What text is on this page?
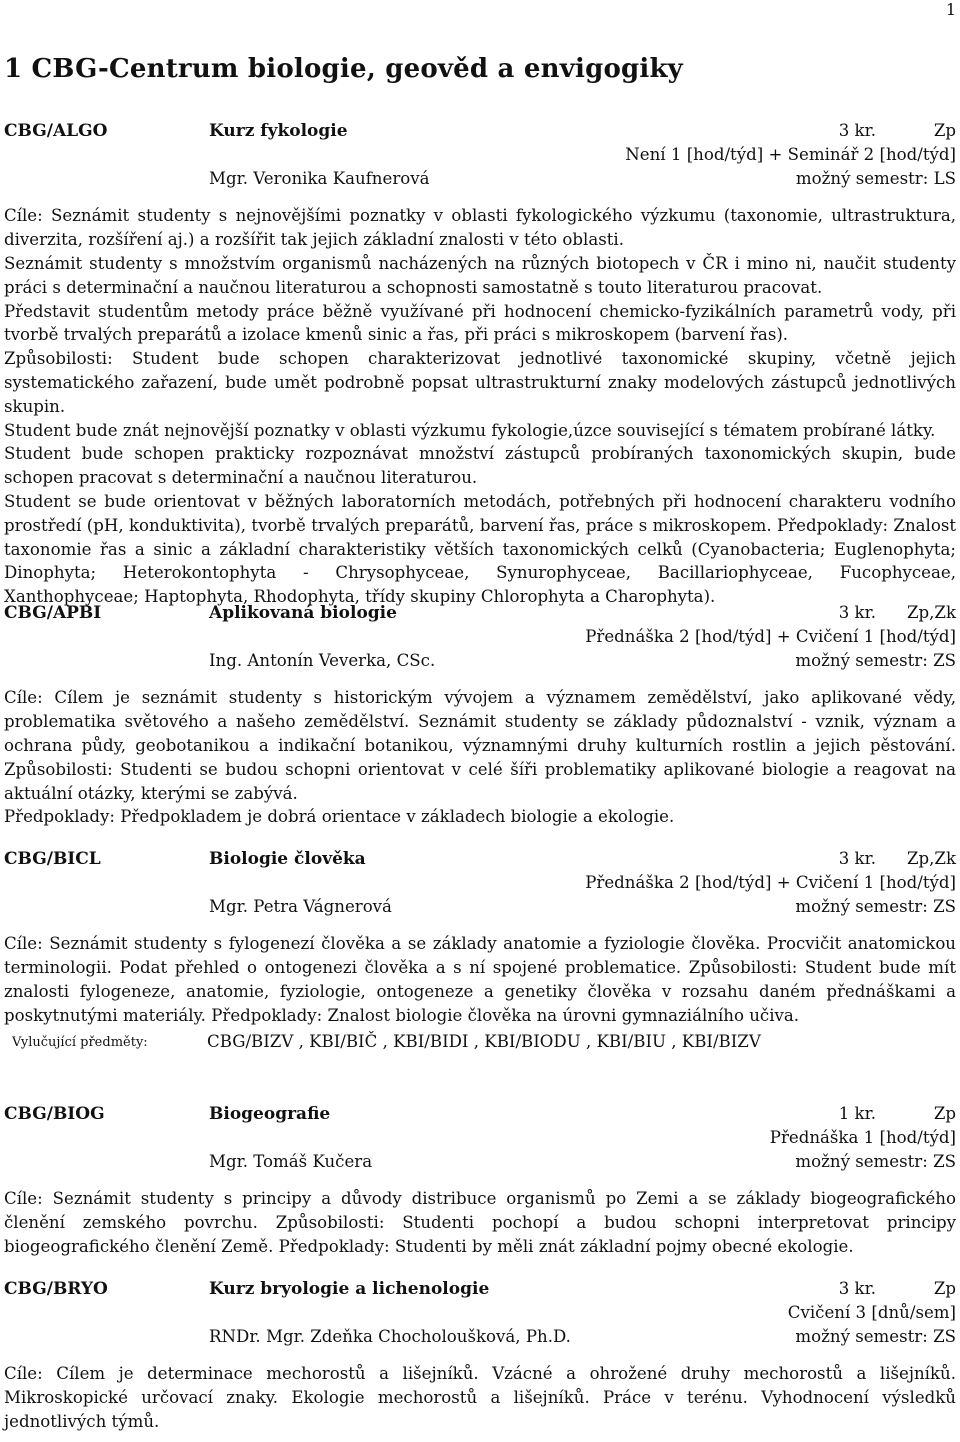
1
1 CBG-Centrum biologie, geověd a envigogiky
CBG/ALGO	Kurz fykologie	3 kr.	Zp
Není 1 [hod/týd] + Seminář 2 [hod/týd]
Mgr. Veronika Kaufnerová	možný semestr: LS

Cíle: Seznámit studenty s nejnovějšími poznatky v oblasti fykologického výzkumu (taxonomie, ultrastruktura, diverzita, rozšíření aj.) a rozšířit tak jejich základní znalosti v této oblasti.

Seznámit studenty s množstvím organismů nacházených na různých biotopech v ČR i mino ni, naučit studenty práci s determinační a naučnou literaturou a schopnosti samostatně s touto literaturou pracovat.

Představit studentům metody práce běžně využívané při hodnocení chemicko-fyzikálních parametrů vody, při tvorbě trvalých preparátů a izolace kmenů sinic a řas, při práci s mikroskopem (barvení řas).

Způsobilosti: Student bude schopen charakterizovat jednotlivé taxonomické skupiny, včetně jejich systematického zařazení, bude umět podrobně popsat ultrastrukturní znaky modelových zástupců jednotlivých skupin.

Student bude znát nejnovější poznatky v oblasti výzkumu fykologie,úzce související s tématem probírané látky.

Student bude schopen prakticky rozpoznávat množství zástupců probíraných taxonomických skupin, bude schopen pracovat s determinační a naučnou literaturou.

Student se bude orientovat v běžných laboratorních metodách, potřebných při hodnocení charakteru vodního prostředí (pH, konduktivita), tvorbě trvalých preparátů, barvení řas, práce s mikroskopem. Předpoklady: Znalost taxonomie řas a sinic a základní charakteristiky větších taxonomických celků (Cyanobacteria; Euglenophyta; Dinophyta; Heterokontophyta - Chrysophyceae, Synurophyceae, Bacillariophyceae, Fucophyceae, Xanthophyceae; Haptophyta, Rhodophyta, třídy skupiny Chlorophyta a Charophyta).

CBG/APBI	Aplikovaná biologie	3 kr.	Zp,Zk
Přednáška 2 [hod/týd] + Cvičení 1 [hod/týd]
Ing. Antonín Veverka, CSc.	možný semestr: ZS

Cíle: Cílem je seznámit studenty s historickým vývojem a významem zemědělství, jako aplikované vědy, problematika světového a našeho zemědělství. Seznámit studenty se základy půdoznalství - vznik, význam a ochrana půdy, geobotanikou a indikační botanikou, významnými druhy kulturních rostlin a jejich pěstování. Způsobilosti: Studenti se budou schopni orientovat v celé šíři problematiky aplikované biologie a reagovat na aktuální otázky, kterými se zabývá.

Předpoklady: Předpokladem je dobrá orientace v základech biologie a ekologie.

CBG/BICL	Biologie člověka	3 kr.	Zp,Zk
Přednáška 2 [hod/týd] + Cvičení 1 [hod/týd]
Mgr. Petra Vágnerová	možný semestr: ZS

Cíle: Seznámit studenty s fylogenezí člověka a se základy anatomie a fyziologie člověka. Procvičit anatomickou terminologii. Podat přehled o ontogenezi člověka a s ní spojené problematice. Způsobilosti: Student bude mít znalosti fylogeneze, anatomie, fyziologie, ontogeneze a genetiky člověka v rozsahu daném přednáškami a poskytnutými materiály. Předpoklady: Znalost biologie člověka na úrovni gymnaziálního učiva.

Vylučující předměty:	CBG/BIZV , KBI/BIČ , KBI/BIDI , KBI/BIODU , KBI/BIU , KBI/BIZV
CBG/BIOG	Biogeografie	1 kr.	Zp
Přednáška 1 [hod/týd]
Mgr. Tomáš Kučera	možný semestr: ZS

Cíle: Seznámit studenty s principy a důvody distribuce organismů po Zemi a se základy biogeografického členění zemského povrchu. Způsobilosti: Studenti pochopí a budou schopni interpretovat principy biogeografického členění Země. Předpoklady: Studenti by měli znát základní pojmy obecné ekologie.

CBG/BRYO	Kurz bryologie a lichenologie	3 kr.	Zp
Cvičení 3 [dnů/sem]
RNDr. Mgr. Zdeňka Chocholoušková, Ph.D.	možný semestr: ZS

Cíle: Cílem je determinace mechorostů a lišejníků. Vzácné a ohrožené druhy mechorostů a lišejníků. Mikroskopické určovací znaky. Ekologie mechorostů a lišejníků. Práce v terénu. Vyhodnocení výsledků jednotlivých týmů.
